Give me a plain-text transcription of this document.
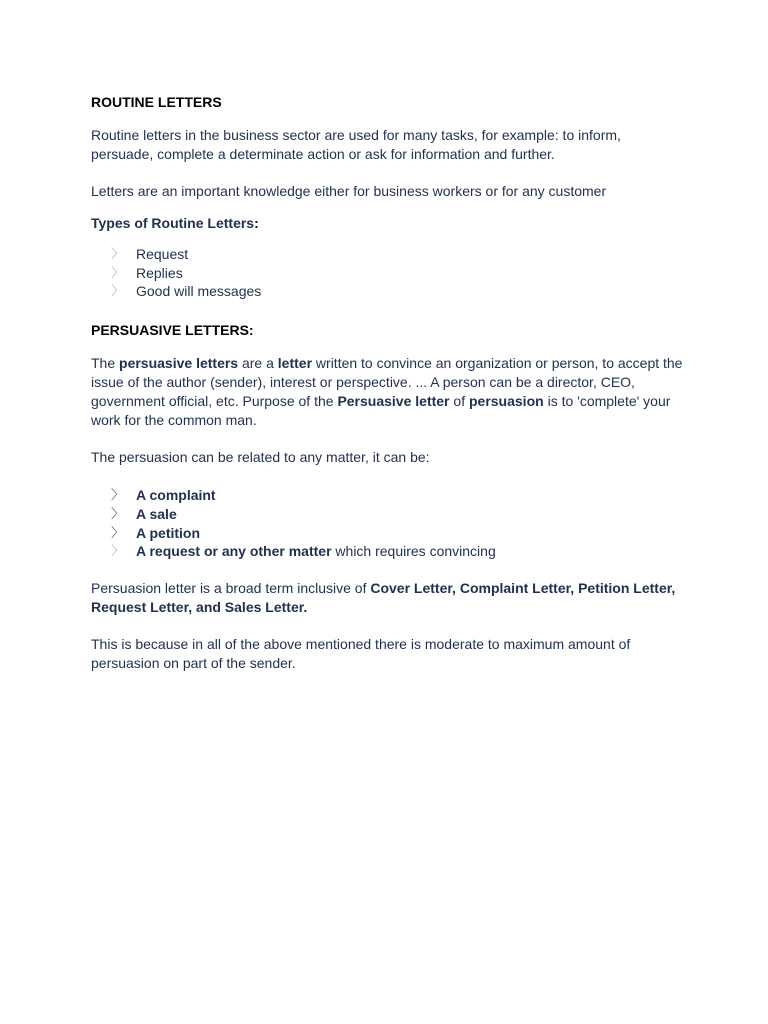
ROUTINE LETTERS

Routine letters in the business sector are used for many tasks, for example: to inform,
persuade, complete a determinate action or ask for information and further.

Letters are an important knowledge either for business workers or for any customer

Types of Routine Letters:

〉 Request
〉 Replies
〉 Good will messages
PERSUASIVE LETTERS:

The persuasive letters are a letter written to convince an organization or person, to accept the
issue of the author (sender), interest or perspective. ... A person can be a director, CEO,
government official, etc. Purpose of the Persuasive letter of persuasion is to 'complete' your
work for the common man.

The persuasion can be related to any matter, it can be:

〉 A complaint
〉 A sale
〉 A petition
〉 A request or any other matter which requires convincing

Persuasion letter is a broad term inclusive of Cover Letter, Complaint Letter, Petition Letter,
Request Letter, and Sales Letter.

This is because in all of the above mentioned there is moderate to maximum amount of
persuasion on part of the sender.
